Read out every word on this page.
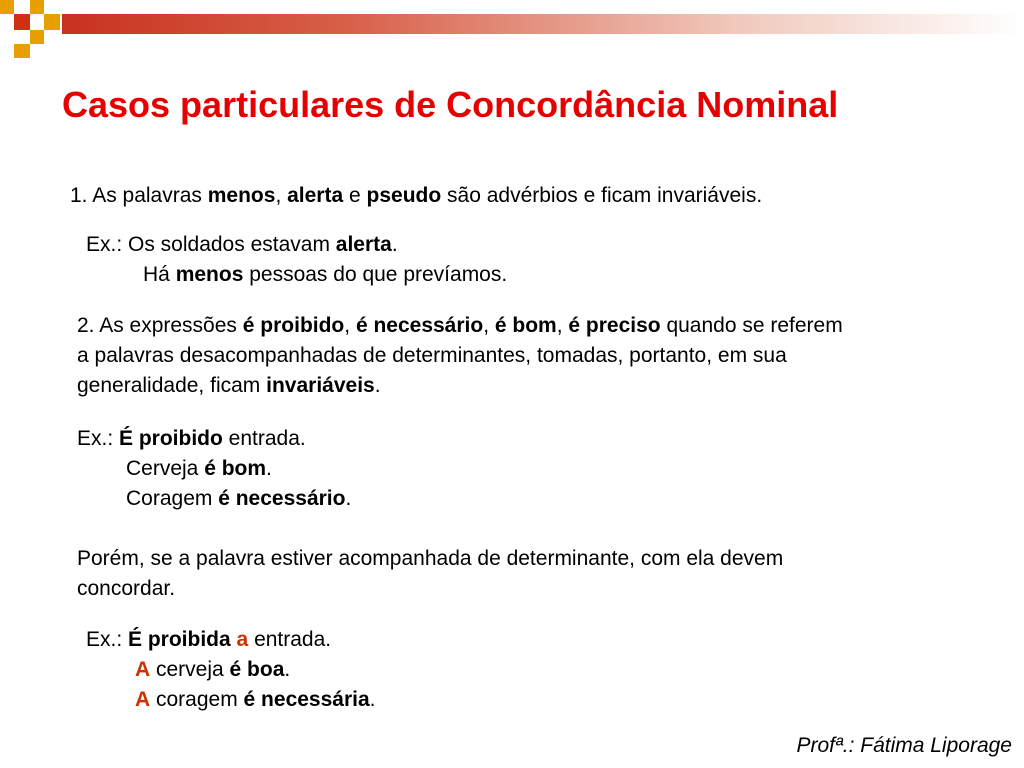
Casos particulares de Concordância Nominal
1. As palavras menos, alerta e pseudo são advérbios e ficam invariáveis.
Ex.: Os soldados estavam alerta.
Há menos pessoas do que prevíamos.
2. As expressões é proibido, é necessário, é bom, é preciso quando se referem
a palavras desacompanhadas de determinantes, tomadas, portanto, em sua
generalidade, ficam invariáveis.
Ex.: É proibido entrada.
Cerveja é bom.
Coragem é necessário.
Porém, se a palavra estiver acompanhada de determinante, com ela devem
concordar.
Ex.: É proibida a entrada.
A cerveja é boa.
A coragem é necessária.
Profª.: Fátima Liporage
